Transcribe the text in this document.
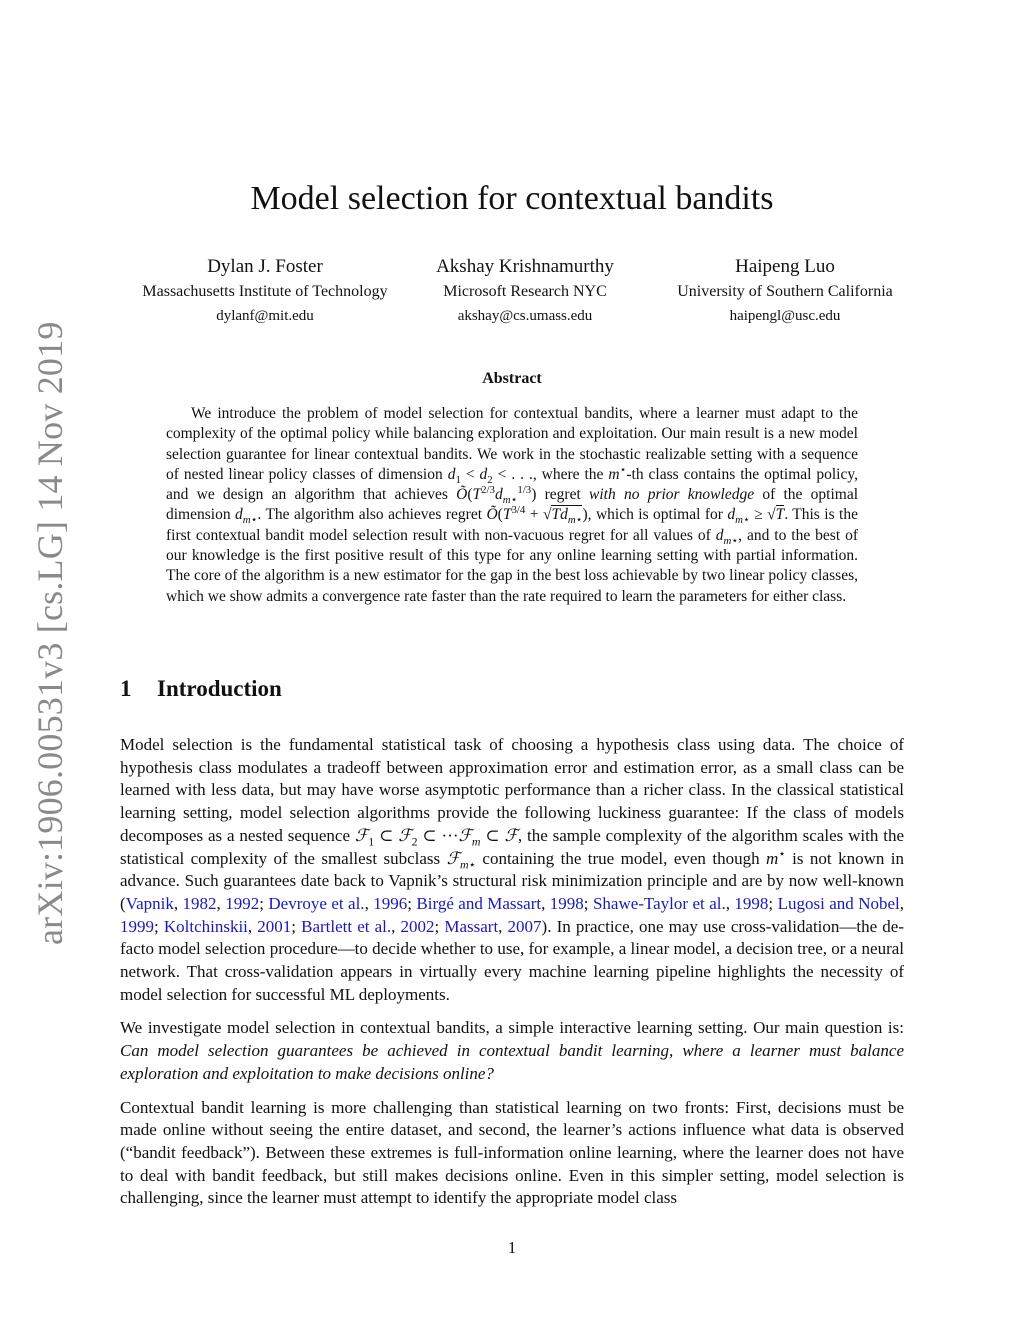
arXiv:1906.00531v3 [cs.LG] 14 Nov 2019
Model selection for contextual bandits
Dylan J. Foster
Massachusetts Institute of Technology
dylanf@mit.edu
Akshay Krishnamurthy
Microsoft Research NYC
akshay@cs.umass.edu
Haipeng Luo
University of Southern California
haipengl@usc.edu
Abstract

We introduce the problem of model selection for contextual bandits, where a learner must adapt to the complexity of the optimal policy while balancing exploration and exploitation. Our main result is a new model selection guarantee for linear contextual bandits. We work in the stochastic realizable setting with a sequence of nested linear policy classes of dimension $d_1 < d_2$ < . . ., where the m⋆-th class contains the optimal policy, and we design an algorithm that achieves $Õ(T^{2/3}d_{m⋆}^{1/3})$ regret with no prior knowledge of the optimal dimension $d_{m⋆}$. The algorithm also achieves regret $Õ(T^{3/4} + √Td_{m⋆})$, which is optimal for $d_{m⋆} \ge √T$. This is the first contextual bandit model selection result with non-vacuous regret for all values of $d_{m⋆}$, and to the best of our knowledge is the first positive result of this type for any online learning setting with partial information. The core of the algorithm is a new estimator for the gap in the best loss achievable by two linear policy classes, which we show admits a convergence rate faster than the rate required to learn the parameters for either class.

1 Introduction

Model selection is the fundamental statistical task of choosing a hypothesis class using data. The choice of hypothesis class modulates a tradeoff between approximation error and estimation error, as a small class can be learned with less data, but may have worse asymptotic performance than a richer class. In the classical statistical learning setting, model selection algorithms provide the following luckiness guarantee: If the class of models decomposes as a nested sequence ℱ$_1$ ⊂ ℱ$_2$ ⊂ ···ℱ$_m$ ⊂ ℱ, the sample complexity of the algorithm scales with the statistical complexity of the smallest subclass ℱ$_{m⋆}$ containing the true model, even though m⋆ is not known in advance. Such guarantees date back to Vapnik’s structural risk minimization principle and are by now well-known (Vapnik, 1982, 1992; Devroye et al., 1996; Birgé and Massart, 1998; Shawe-Taylor et al., 1998; Lugosi and Nobel, 1999; Koltchinskii, 2001; Bartlett et al., 2002; Massart, 2007). In practice, one may use cross-validation—the de-facto model selection procedure—to decide whether to use, for example, a linear model, a decision tree, or a neural network. That cross-validation appears in virtually every machine learning pipeline highlights the necessity of model selection for successful ML deployments.

We investigate model selection in contextual bandits, a simple interactive learning setting. Our main question is: Can model selection guarantees be achieved in contextual bandit learning, where a learner must balance exploration and exploitation to make decisions online?

Contextual bandit learning is more challenging than statistical learning on two fronts: First, decisions must be made online without seeing the entire dataset, and second, the learner’s actions influence what data is observed (“bandit feedback”). Between these extremes is full-information online learning, where the learner does not have to deal with bandit feedback, but still makes decisions online. Even in this simpler setting, model selection is challenging, since the learner must attempt to identify the appropriate model class

1
